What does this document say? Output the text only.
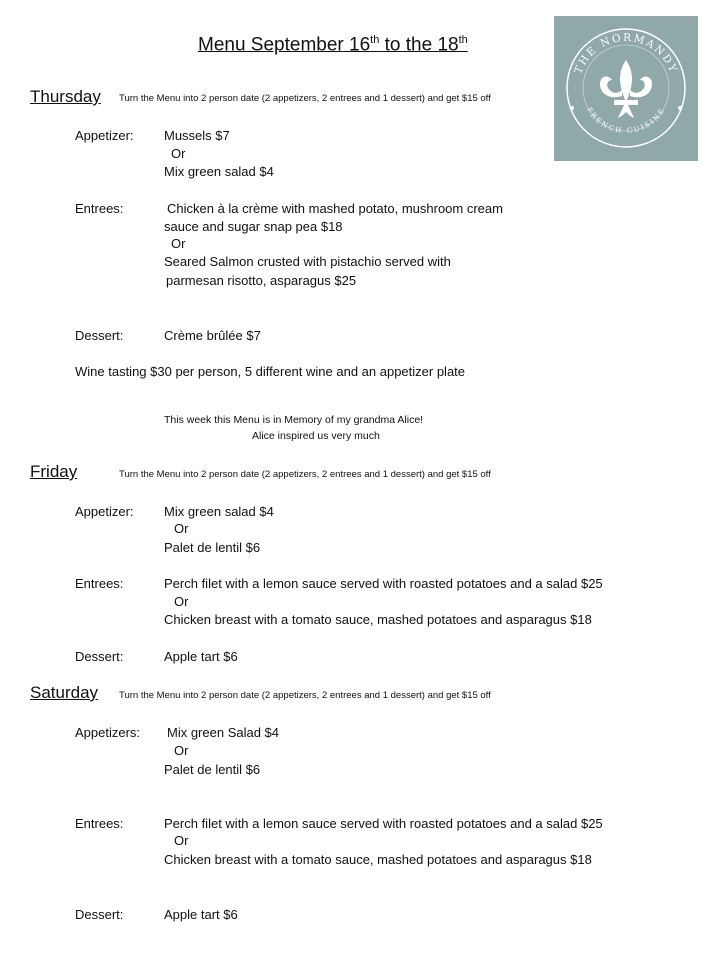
Menu September 16th to the 18th
THE NORMANDY
FRENCH CUISINE
Thursday Turn the Menu into 2 person date (2 appetizers, 2 entrees and 1 dessert) and get $15 off
Appetizer: Mussels $7
Or
Mix green salad $4
Entrees:	Chicken à la crème with mashed potato, mushroom cream
sauce and sugar snap pea $18
Or
Seared Salmon crusted with pistachio served with
parmesan risotto, asparagus $25
Dessert:	Crème brûlée $7
Wine tasting $30 per person, 5 different wine and an appetizer plate
This week this Menu is in Memory of my grandma Alice!
Alice inspired us very much
Friday	Turn the Menu into 2 person date (2 appetizers, 2 entrees and 1 dessert) and get $15 off
Appetizer: Mix green salad $4
Or
Palet de lentil $6
Entrees:	Perch filet with a lemon sauce served with roasted potatoes and a salad $25
Or
Chicken breast with a tomato sauce, mashed potatoes and asparagus $18
Dessert:	Apple tart $6
Saturday Turn the Menu into 2 person date (2 appetizers, 2 entrees and 1 dessert) and get $15 off
Appetizers: Mix green Salad $4
Or
Palet de lentil $6
Entrees:	Perch filet with a lemon sauce served with roasted potatoes and a salad $25
Or
Chicken breast with a tomato sauce, mashed potatoes and asparagus $18
Dessert:	Apple tart $6
